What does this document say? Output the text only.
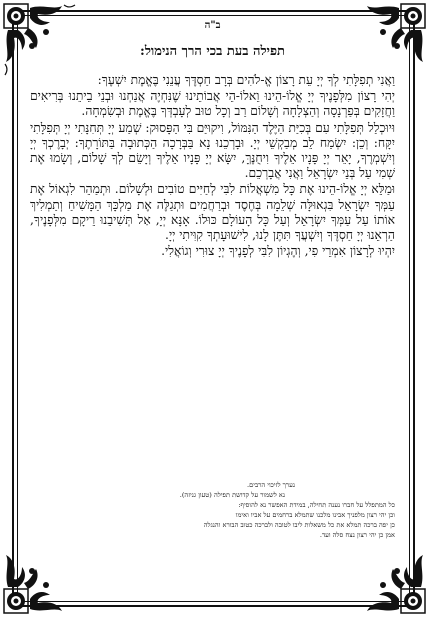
ב"ה
תפילה בעת בכי הרך הנימול:

וַאֲנִי תְפִלָּתִי לְךָ יְיָ עֵת רָצוֹן אֱ-לֹהִים בְּרָב חַסְדֶּךָ עֲנֵנִי בֶּאֱמֶת יִשְׁעֶךָ:

יְהִי רָצוֹן מִלְּפָנֶיךָ יְיָ אֱלוֹ-הֵינוּ וֵאלוֹ-הֵי אֲבוֹתֵינוּ שֶׁנִּחְיֶה אֲנַחְנוּ וּבְנֵי בֵיתֵנוּ בְּרִיאִים וַחֲזָקִים בְּפַרְנָסָה וְהַצְלָחָה וְשָׁלוֹם רַב וְכָל טוּב לְעָבְדְּךָ בֶּאֱמֶת וּבְשִׂמְחָה.

וּיוּכְלַל תְּפִלָּתִי עִם בְּכִיַּת הַיֶּלֶד הַנִּמּוֹל, וִיקוּיַּם בִּי הַפָּסוּק: שְׁמַע יְיָ תְּחִנָּתִי יְיָ תְּפִלָּתִי יִקָּח: וְכֵן: יִשְׂמַח לֵב מְבַקְשֵׁי יְיָ. וּבָרְכֵנוּ נָא בַּבְּרָכָה הַכְּתוּבָה בַּתּוֹרָתֶךָ: יְבָרֶכְךָ יְיָ וְיִשְׁמְרֶךָ, יָאֵר יְיָ פָּנָיו אֵלֶיךָ וִיחֻנֶּךָּ, יִשָּׂא יְיָ פָּנָיו אֵלֶיךָ וְיָשֵׂם לְךָ שָׁלוֹם, וְשָׂמוּ אֶת שְׁמִי עַל בְּנֵי יִשְׂרָאֵל וַאֲנִי אֲבָרְכֵם.

וּמַלֵּא יְיָ אֱלוֹ-הֵינוּ אֶת כָּל מִשְׁאֲלוֹת לִבִּי לְחַיִּים טוֹבִים וּלְשָׁלוֹם. וּתְמַהֵר לִגְאוֹל אֶת עַמְּךָ יִשְׂרָאֵל בִּגְאוּלָּה שְׁלֵמָה בְּחֶסֶד וּבְרַחֲמִים וּתְגַלֶּה אֶת מַלְכָּךְ הַמָּשִׁיחַ וְתַמְלִיךְ אוֹתוֹ עַל עַמְּךָ יִשְׂרָאֵל וְעַל כָּל הָעוֹלָם כּוּלוֹ. אָנָּא יְיָ, אַל תְּשִׁיבֵנוּ רֵיקָם מִלְּפָנֶיךָ, הַרְאֵנוּ יְיָ חַסְדֶּךָ וְיִשְׁעֲךָ תִּתֶּן לָנוּ, לִישׁוּעָתְךָ קִוִּיתִי יְיָ.

יִהְיוּ לְרָצוֹן אִמְרֵי פִי, וְהֶגְיוֹן לִבִּי לְפָנֶיךָ יְיָ צוּרִי וְגוֹאֲלִי.

נערך לזיכוי הרבים.
נא לשמור על קדושת תפילה (טעון גניזה).
כל המתפלל על חברו נענה תחילה, במידת האפשר נא להוסיף:
וכן יהי רצון מלפניך אבינו מלכנו שתמלא ברחמים על אביו ואימו
כן יפה ברכה תמלא את כל משאלות ליבו לטובה ולברכה כטוב הבורא והנגלה
אמן כן יהי רצון נצח סלה ועד.
